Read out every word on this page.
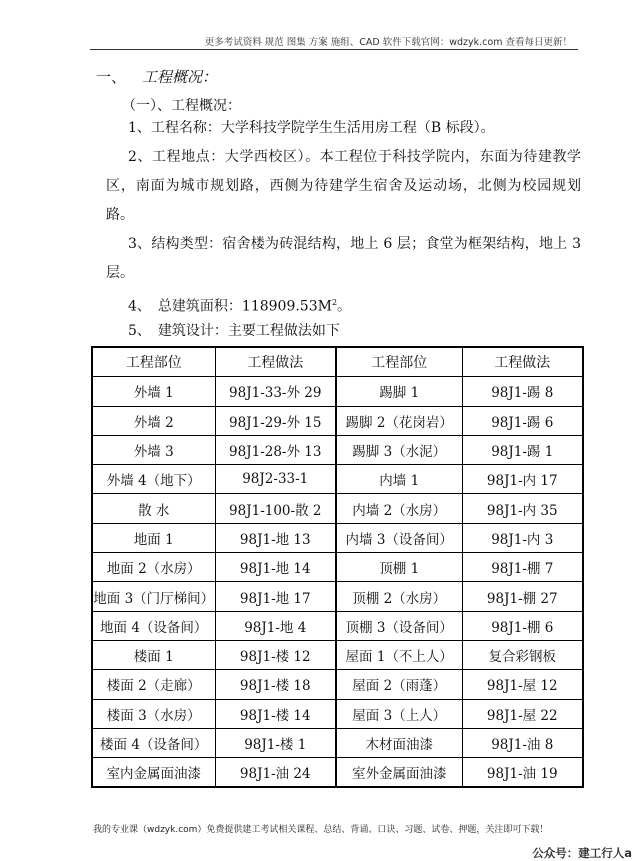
更多考试资料 规范 图集 方案 施组、CAD 软件下载官网：wdzyk.com 查看每日更新！
一、 工程概况：
（一）、工程概况：
1、工程名称：大学科技学院学生生活用房工程（B 标段）。
2、工程地点：大学西校区）。本工程位于科技学院内，东面为待建教学区，南面为城市规划路，西侧为待建学生宿舍及运动场，北侧为校园规划路。
3、结构类型：宿舍楼为砖混结构，地上 6 层；食堂为框架结构，地上 3 层。
4、　总建筑面积：$118909.53M^2$。
5、　建筑设计：主要工程做法如下
工程部位	工程做法	工程部位	工程做法
外墙 1	98J1-33-外 29	踢脚 1	98J1-踢 8
外墙 2	98J1-29-外 15	踢脚 2（花岗岩）	98J1-踢 6
外墙 3	98J1-28-外 13	踢脚 3（水泥）	98J1-踢 1
外墙 4（地下）	98J2-33-1	内墙 1	98J1-内 17
散 水	98J1-100-散 2	内墙 2（水房）	98J1-内 35
地面 1	98J1-地 13	内墙 3（设备间）	98J1-内 3
地面 2（水房）	98J1-地 14	顶棚 1	98J1-棚 7
地面 3（门厅梯间）	98J1-地 17	顶棚 2（水房）	98J1-棚 27
地面 4（设备间）	98J1-地 4	顶棚 3（设备间）	98J1-棚 6
楼面 1	98J1-楼 12	屋面 1（不上人）	复合彩钢板
楼面 2（走廊）	98J1-楼 18	屋面 2（雨蓬）	98J1-屋 12
楼面 3（水房）	98J1-楼 14	屋面 3（上人）	98J1-屋 22
楼面 4（设备间）	98J1-楼 1	木材面油漆	98J1-油 8
室内金属面油漆	98J1-油 24	室外金属面油漆	98J1-油 19
我的专业课（wdzyk.com）免费提供建工考试相关课程、总结、背诵、口诀、习题、试卷、押题，关注即可下载！
公众号：建工行人a
